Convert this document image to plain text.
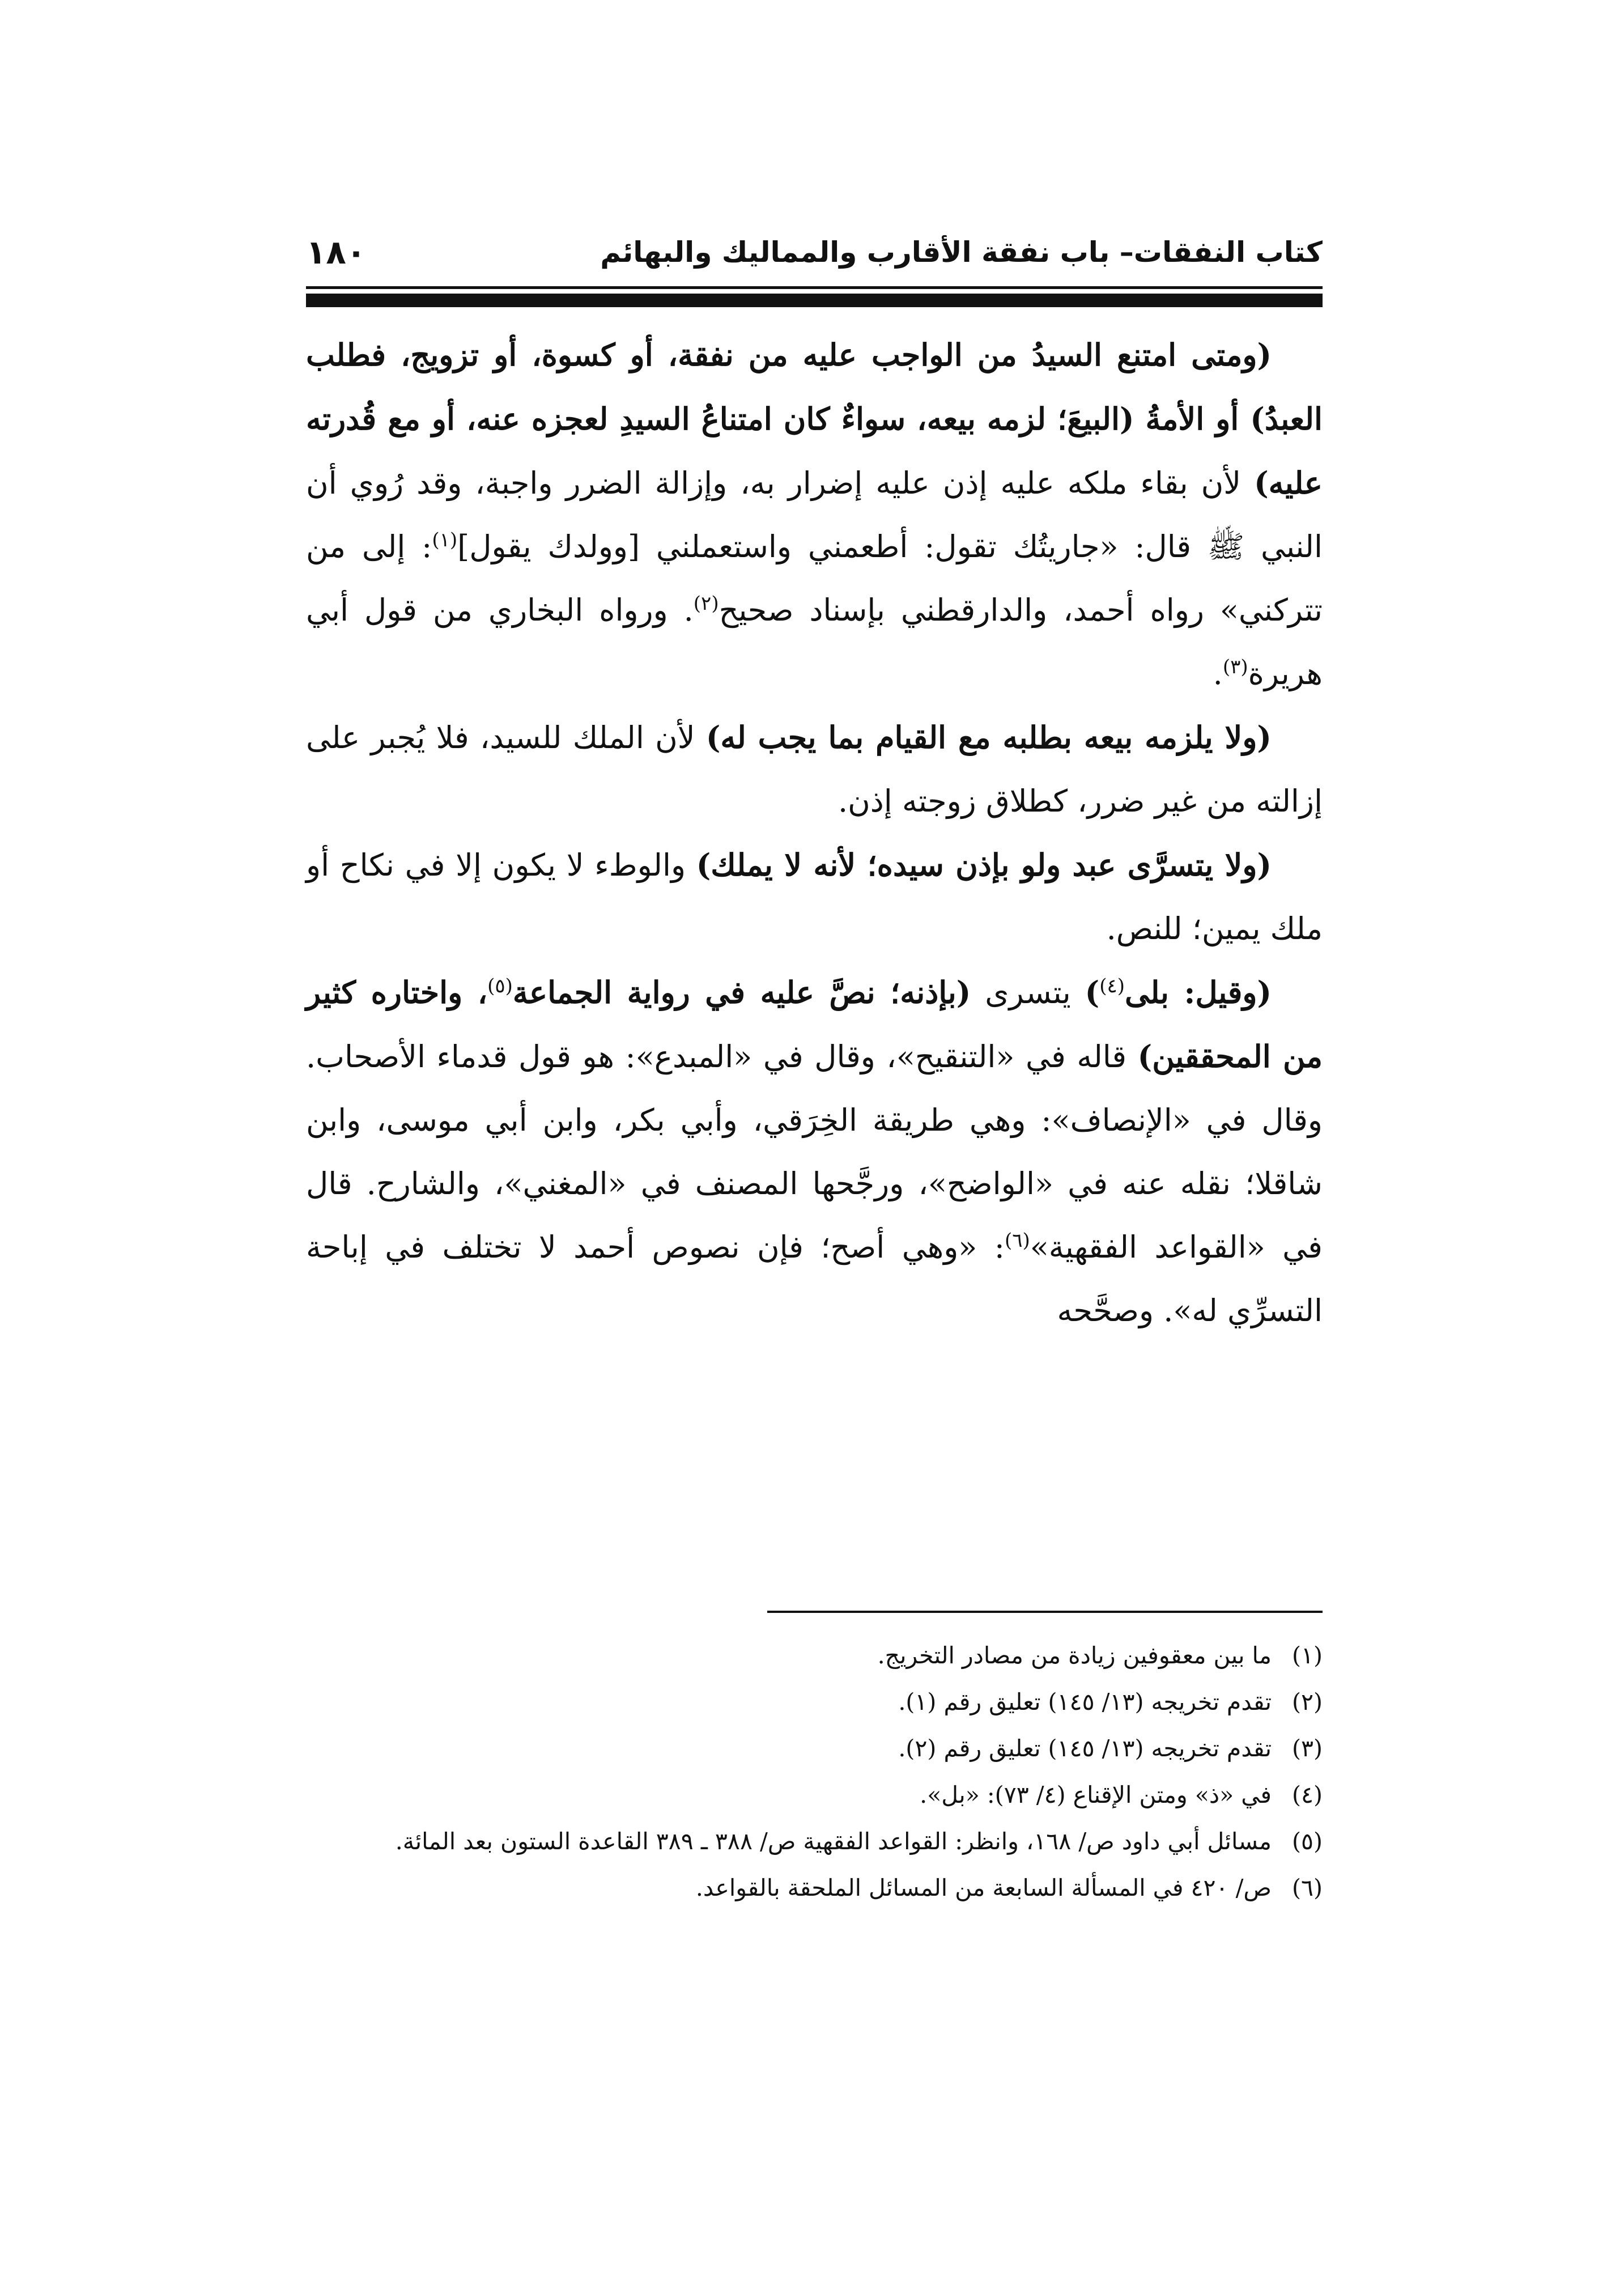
كتاب النفقات– باب نفقة الأقارب والمماليك والبهائم
١٨٠

(ومتى امتنع السيدُ من الواجب عليه من نفقة، أو كسوة، أو تزويج، فطلب العبدُ) أو الأمةُ (البيعَ؛ لزمه بيعه، سواءٌ كان امتناعُ السيدِ لعجزه عنه، أو مع قُدرته عليه) لأن بقاء ملكه عليه إذن عليه إضرار به، وإزالة الضرر واجبة، وقد رُوي أن النبي ﷺ قال: «جاريتُك تقول: أطعمني واستعملني [وولدك يقول]$^{(١)}$: إلى من تتركني» رواه أحمد، والدارقطني بإسناد صحيح$^{(٢)}$. ورواه البخاري من قول أبي هريرة$^{(٣)}$.

(ولا يلزمه بيعه بطلبه مع القيام بما يجب له) لأن الملك للسيد، فلا يُجبر على إزالته من غير ضرر، كطلاق زوجته إذن.

(ولا يتسرَّى عبد ولو بإذن سيده؛ لأنه لا يملك) والوطء لا يكون إلا في نكاح أو ملك يمين؛ للنص.

(وقيل: بلى$^{(٤)}$) يتسرى (بإذنه؛ نصَّ عليه في رواية الجماعة$^{(٥)}$، واختاره كثير من المحققين) قاله في «التنقيح»، وقال في «المبدع»: هو قول قدماء الأصحاب. وقال في «الإنصاف»: وهي طريقة الخِرَقي، وأبي بكر، وابن أبي موسى، وابن شاقلا؛ نقله عنه في «الواضح»، ورجَّحها المصنف في «المغني»، والشارح. قال في «القواعد الفقهية»$^{(٦)}$: «وهي أصح؛ فإن نصوص أحمد لا تختلف في إباحة التسرِّي له». وصحَّحه

(١)
ما بين معقوفين زيادة من مصادر التخريج.
(٢)
تقدم تخريجه (١٣/ ١٤٥) تعليق رقم (١).
(٣)
تقدم تخريجه (١٣/ ١٤٥) تعليق رقم (٢).
(٤)
في «ذ» ومتن الإقناع (٤/ ٧٣): «بل».
(٥)
مسائل أبي داود ص/ ١٦٨، وانظر: القواعد الفقهية ص/ ٣٨٨ ـ ٣٨٩ القاعدة الستون بعد المائة.
(٦)
ص/ ٤٢٠ في المسألة السابعة من المسائل الملحقة بالقواعد.
